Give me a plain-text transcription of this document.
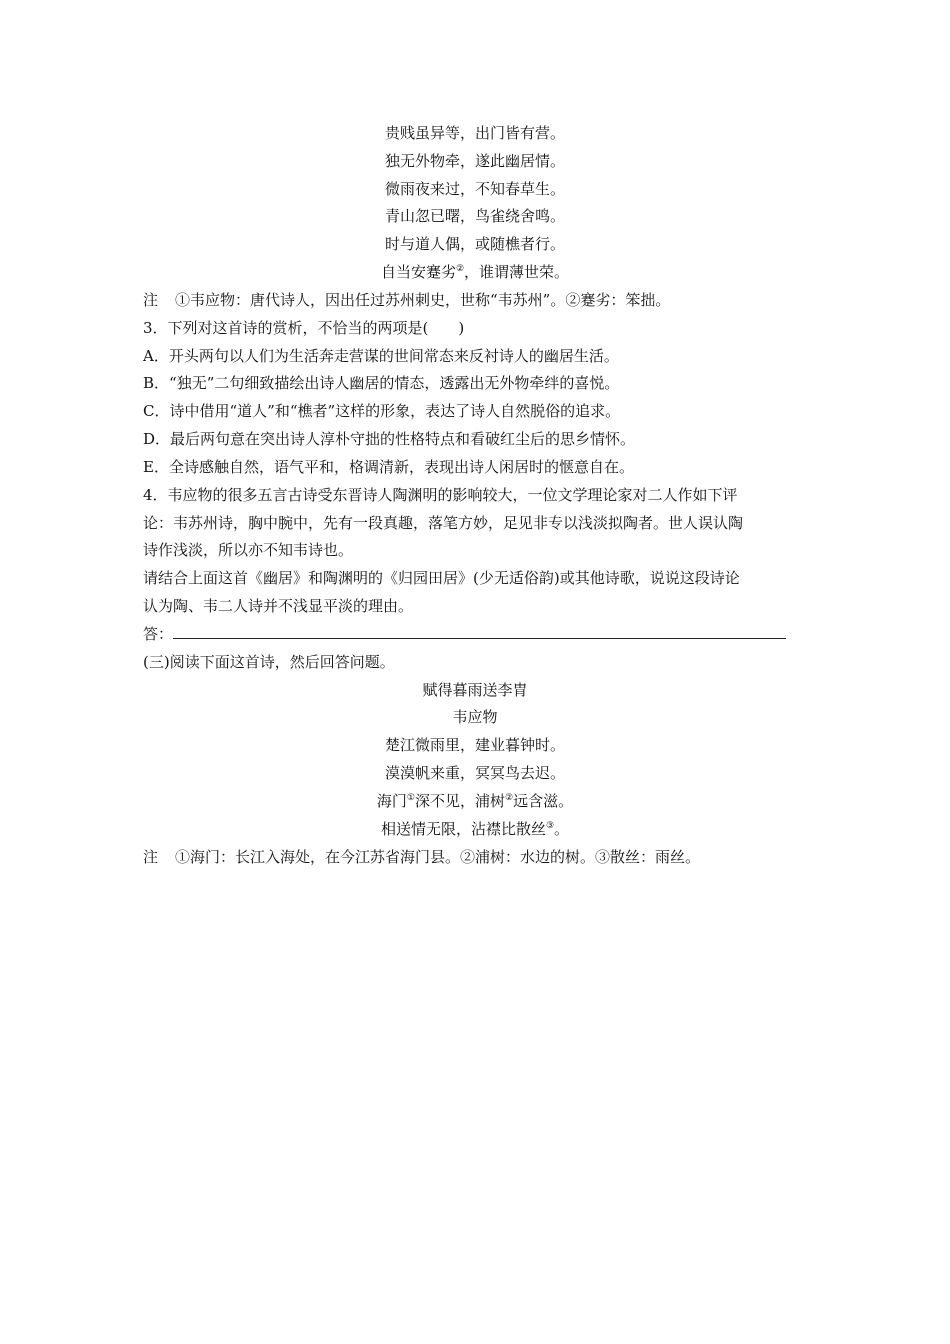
贵贱虽异等，出门皆有营。
独无外物牵，遂此幽居情。
微雨夜来过，不知春草生。
青山忽已曙，鸟雀绕舍鸣。
时与道人偶，或随樵者行。
自当安蹇劣②，谁谓薄世荣。
注 ①韦应物：唐代诗人，因出任过苏州刺史，世称“韦苏州”。②蹇劣：笨拙。
3．下列对这首诗的赏析，不恰当的两项是(　　)
A．开头两句以人们为生活奔走营谋的世间常态来反衬诗人的幽居生活。
B．“独无”二句细致描绘出诗人幽居的情态，透露出无外物牵绊的喜悦。
C．诗中借用“道人”和“樵者”这样的形象，表达了诗人自然脱俗的追求。
D．最后两句意在突出诗人淳朴守拙的性格特点和看破红尘后的思乡情怀。
E．全诗感触自然，语气平和，格调清新，表现出诗人闲居时的惬意自在。
4．韦应物的很多五言古诗受东晋诗人陶渊明的影响较大，一位文学理论家对二人作如下评
论：韦苏州诗，胸中腕中，先有一段真趣，落笔方妙，足见非专以浅淡拟陶者。世人误认陶
诗作浅淡，所以亦不知韦诗也。
请结合上面这首《幽居》和陶渊明的《归园田居》(少无适俗韵)或其他诗歌，说说这段诗论
认为陶、韦二人诗并不浅显平淡的理由。
答：
(三)阅读下面这首诗，然后回答问题。
赋得暮雨送李胄
韦应物
楚江微雨里，建业暮钟时。
漠漠帆来重，冥冥鸟去迟。
海门①深不见，浦树②远含滋。
相送情无限，沾襟比散丝③。
注 ①海门：长江入海处，在今江苏省海门县。②浦树：水边的树。③散丝：雨丝。
